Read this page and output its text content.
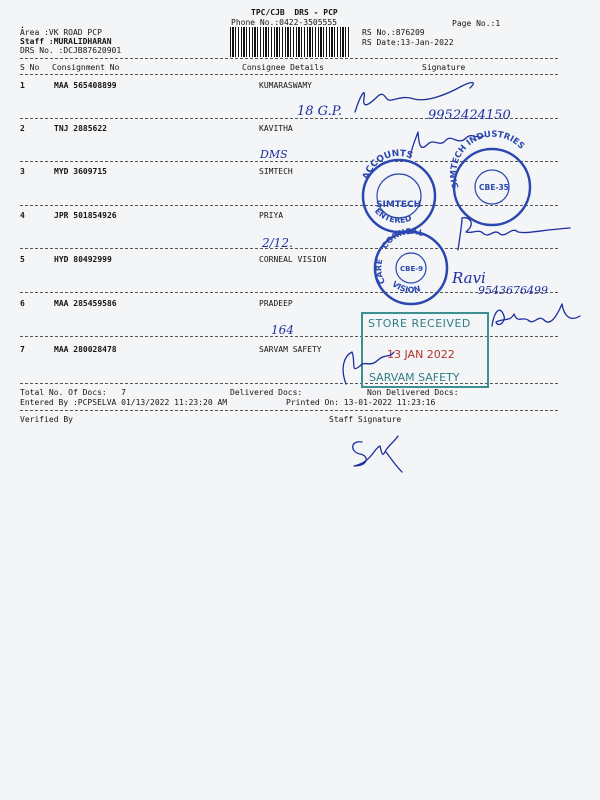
.
TPC/CJB  DRS - PCP
Phone No.:0422-3505555
Area :VK ROAD PCP
Staff :MURALIDHARAN
DRS No. :DCJB87620901
RS No.:876209
RS Date:13-Jan-2022
Page No.:1
S No Consignment No	Consignee Details	Signature
1	MAA 565408899	KUMARASWAMY
2	TNJ 2885622	KAVITHA
3	MYD 3609715	SIMTECH
4	JPR 501854926	PRIYA
5	HYD 80492999	CORNEAL VISION
6	MAA 285459586	PRADEEP
7	MAA 280028478	SARVAM SAFETY
Total No. Of Docs:   7	Delivered Docs:	Non Delivered Docs:
Entered By :PCPSELVA 01/13/2022 11:23:20 AM	Printed On: 13-01-2022 11:23:16
Verified By	Staff Signature
STORE RECEIVED
13 JAN 2022
SARVAM SAFETY
18 G.P.	9952424150
DMS
ACCOUNTS
SIMTECH
ENTERED
SIMTECH INDUSTRIES
CBE-35
2/12.	CORNEAL
CARE
VISION
CBE-9 Ravi
9543676499
164
